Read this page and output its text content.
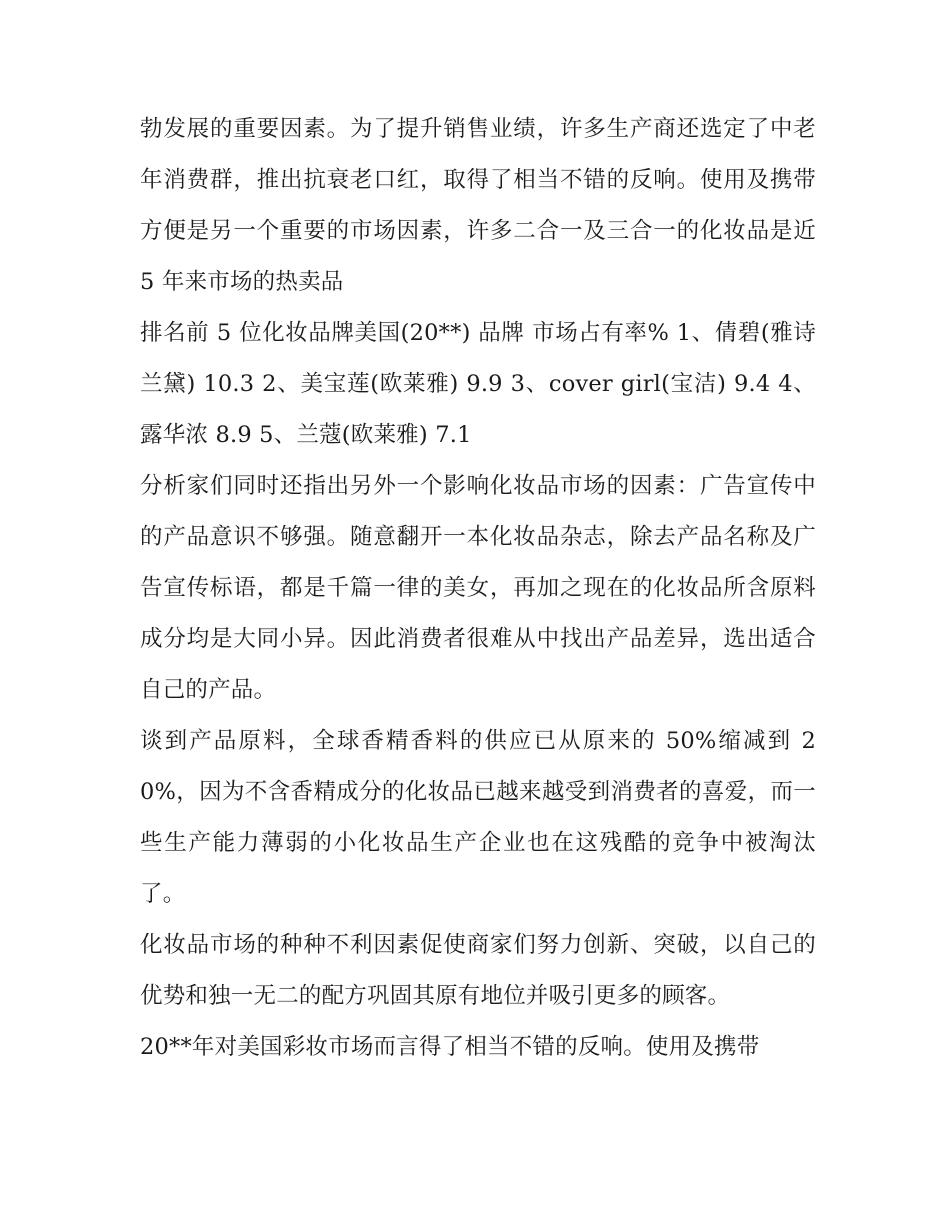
勃发展的重要因素。为了提升销售业绩，许多生产商还选定了中老年消费群，推出抗衰老口红，取得了相当不错的反响。使用及携带方便是另一个重要的市场因素，许多二合一及三合一的化妆品是近 5 年来市场的热卖品

排名前 5 位化妆品牌美国(20**) 品牌 市场占有率% 1、倩碧(雅诗兰黛) 10.3 2、美宝莲(欧莱雅) 9.9 3、cover girl(宝洁) 9.4 4、露华浓 8.9 5、兰蔻(欧莱雅) 7.1

分析家们同时还指出另外一个影响化妆品市场的因素：广告宣传中的产品意识不够强。随意翻开一本化妆品杂志，除去产品名称及广告宣传标语，都是千篇一律的美女，再加之现在的化妆品所含原料成分均是大同小异。因此消费者很难从中找出产品差异，选出适合自己的产品。

谈到产品原料，全球香精香料的供应已从原来的 50%缩减到 20%，因为不含香精成分的化妆品已越来越受到消费者的喜爱，而一些生产能力薄弱的小化妆品生产企业也在这残酷的竞争中被淘汰了。

化妆品市场的种种不利因素促使商家们努力创新、突破，以自己的优势和独一无二的配方巩固其原有地位并吸引更多的顾客。

20**年对美国彩妆市场而言得了相当不错的反响。使用及携带
